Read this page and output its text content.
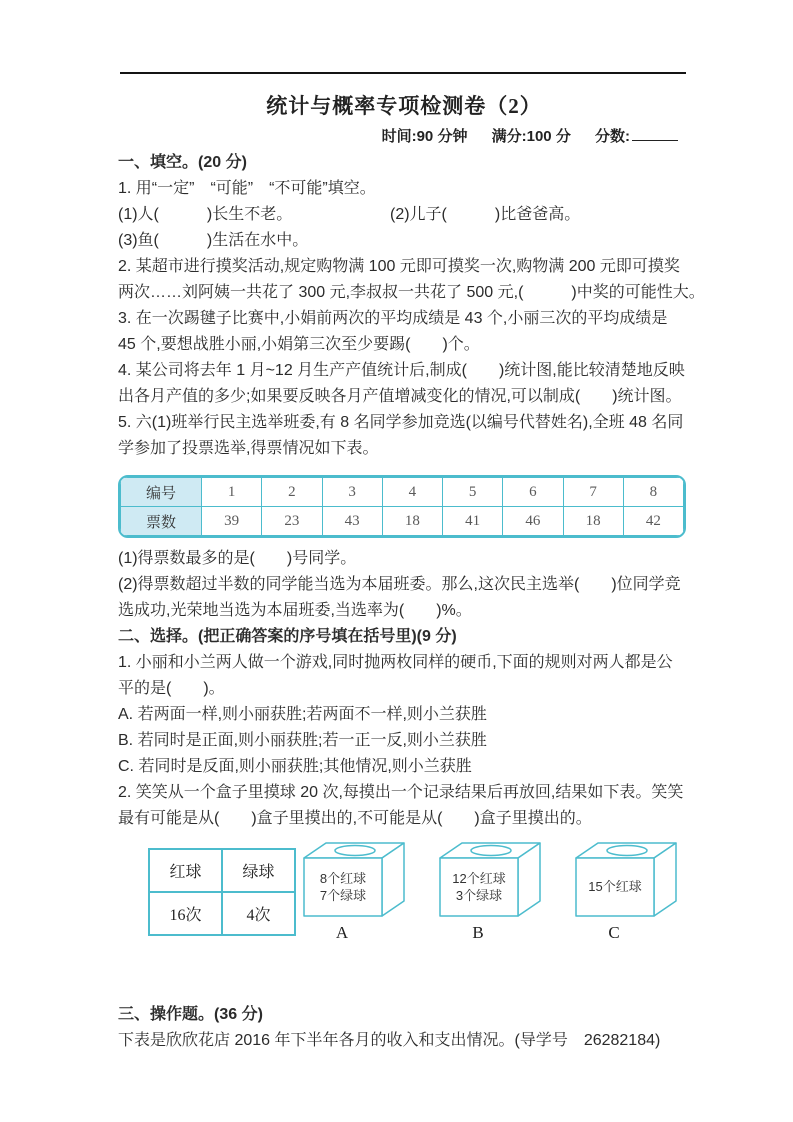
统计与概率专项检测卷（2）
时间:90 分钟 满分:100 分 分数:
一、填空。(20 分)
1. 用“一定”　“可能”　“不可能”填空。
(1)人(　　　)长生不老。	(2)儿子(　　　)比爸爸高。
(3)鱼(　　　)生活在水中。
2. 某超市进行摸奖活动,规定购物满 100 元即可摸奖一次,购物满 200 元即可摸奖
两次……刘阿姨一共花了 300 元,李叔叔一共花了 500 元,(　　　)中奖的可能性大。
3. 在一次踢毽子比赛中,小娟前两次的平均成绩是 43 个,小丽三次的平均成绩是
45 个,要想战胜小丽,小娟第三次至少要踢(　　)个。
4. 某公司将去年 1 月~12 月生产产值统计后,制成(　　)统计图,能比较清楚地反映
出各月产值的多少;如果要反映各月产值增减变化的情况,可以制成(　　)统计图。
5. 六(1)班举行民主选举班委,有 8 名同学参加竞选(以编号代替姓名),全班 48 名同
学参加了投票选举,得票情况如下表。
编号	1	2	3	4	5	6	7	8
票数	39	23	43	18	41	46	18	42
(1)得票数最多的是(　　)号同学。
(2)得票数超过半数的同学能当选为本届班委。那么,这次民主选举(　　)位同学竞
选成功,光荣地当选为本届班委,当选率为(　　)%。
二、选择。(把正确答案的序号填在括号里)(9 分)
1. 小丽和小兰两人做一个游戏,同时抛两枚同样的硬币,下面的规则对两人都是公
平的是(　　)。
A. 若两面一样,则小丽获胜;若两面不一样,则小兰获胜
B. 若同时是正面,则小丽获胜;若一正一反,则小兰获胜
C. 若同时是反面,则小丽获胜;其他情况,则小兰获胜
2. 笑笑从一个盒子里摸球 20 次,每摸出一个记录结果后再放回,结果如下表。笑笑
最有可能是从(　　)盒子里摸出的,不可能是从(　　)盒子里摸出的。
红球	绿球
16次	4次
8个红球
7个绿球
A
12个红球
3个绿球
B
15个红球
C
三、操作题。(36 分)
下表是欣欣花店 2016 年下半年各月的收入和支出情况。(导学号　26282184)
